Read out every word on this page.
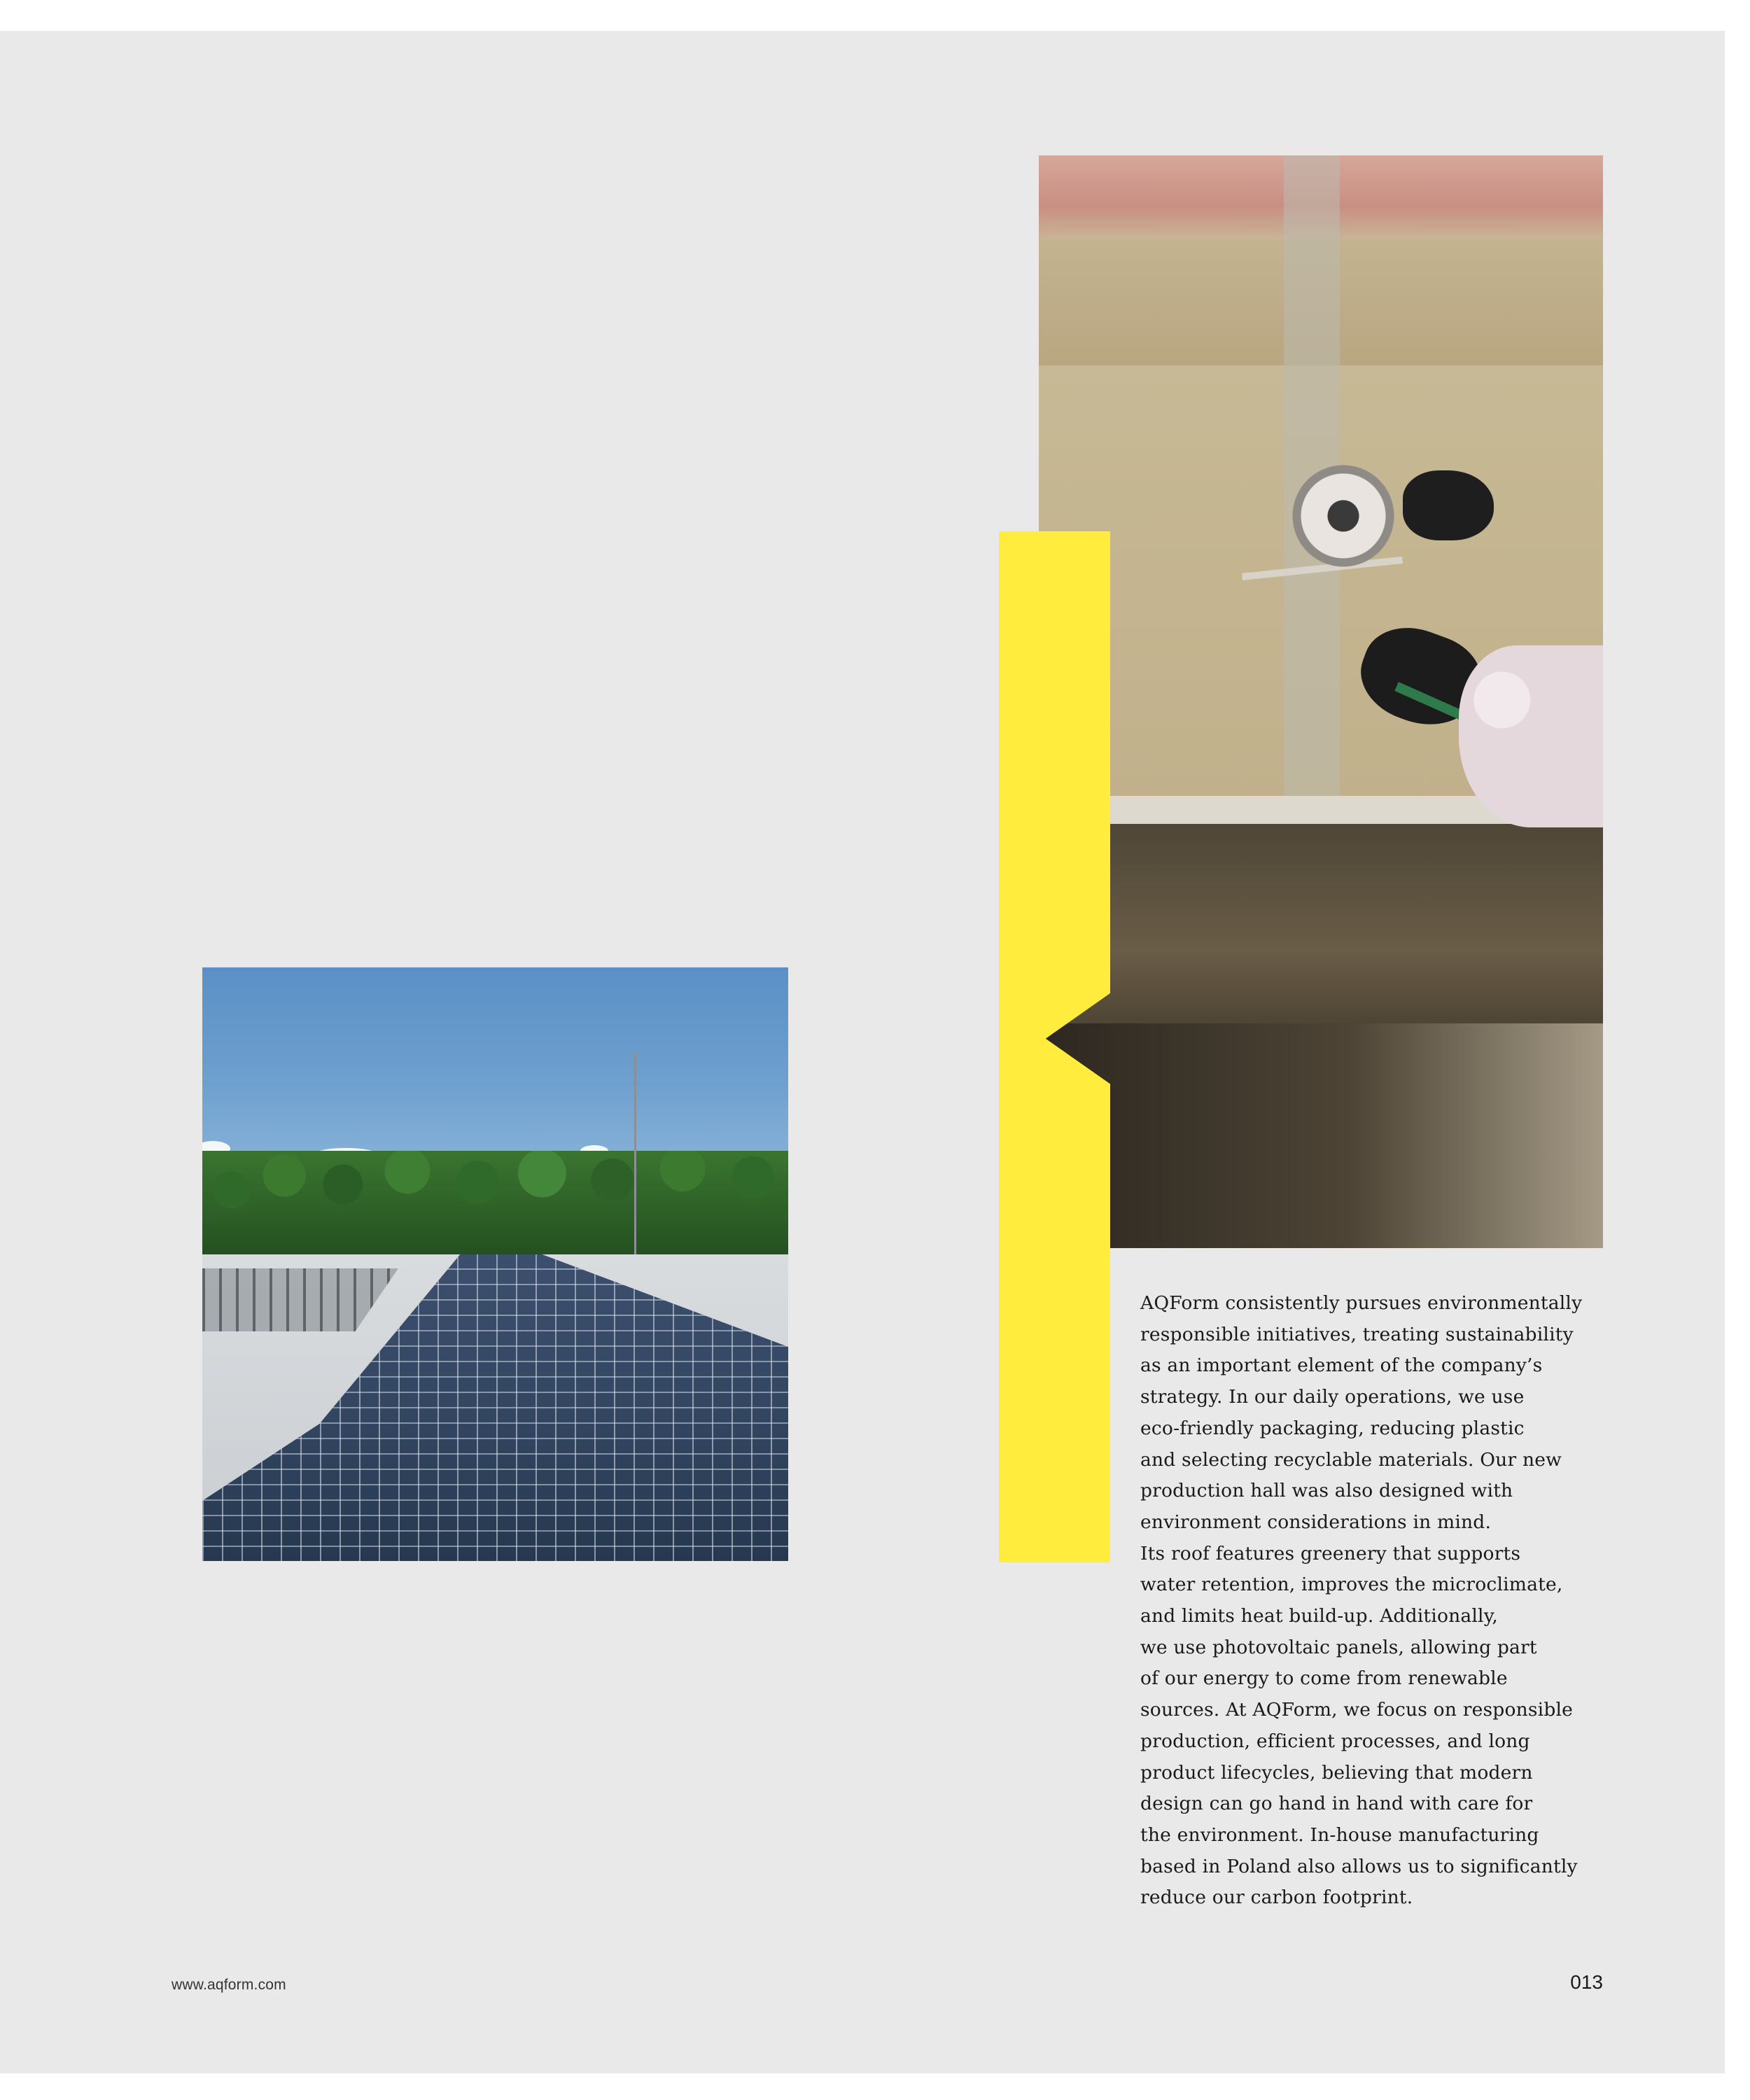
AQForm consistently pursues environmentally
responsible initiatives, treating sustainability
as an important element of the company’s
strategy. In our daily operations, we use
eco-friendly packaging, reducing plastic
and selecting recyclable materials. Our new
production hall was also designed with
environment considerations in mind.
Its roof features greenery that supports
water retention, improves the microclimate,
and limits heat build-up. Additionally,
we use photovoltaic panels, allowing part
of our energy to come from renewable
sources. At AQForm, we focus on responsible
production, efficient processes, and long
product lifecycles, believing that modern
design can go hand in hand with care for
the environment. In-house manufacturing
based in Poland also allows us to significantly
reduce our carbon footprint.

www.aqform.com	013
